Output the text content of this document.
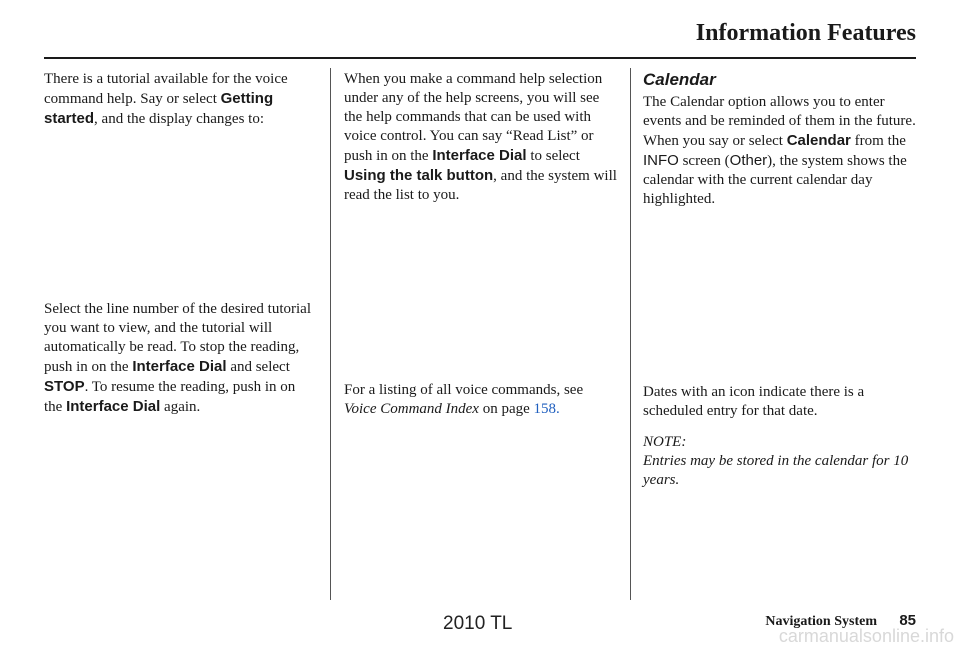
Information Features

There is a tutorial available for the voice command help. Say or select Getting started, and the display changes to:

Select the line number of the desired tutorial you want to view, and the tutorial will automatically be read. To stop the reading, push in on the Interface Dial and select STOP. To resume the reading, push in on the Interface Dial again.

When you make a command help selection under any of the help screens, you will see the help commands that can be used with voice control. You can say “Read List” or push in on the Interface Dial to select Using the talk button, and the system will read the list to you.

For a listing of all voice commands, see Voice Command Index on page 158.

Calendar

The Calendar option allows you to enter events and be reminded of them in the future. When you say or select Calendar from the INFO screen (Other), the system shows the calendar with the current calendar day highlighted.

Dates with an icon indicate there is a scheduled entry for that date.

NOTE:

Entries may be stored in the calendar for 10 years.

Navigation System 85
2010 TL
carmanualsonline.info
